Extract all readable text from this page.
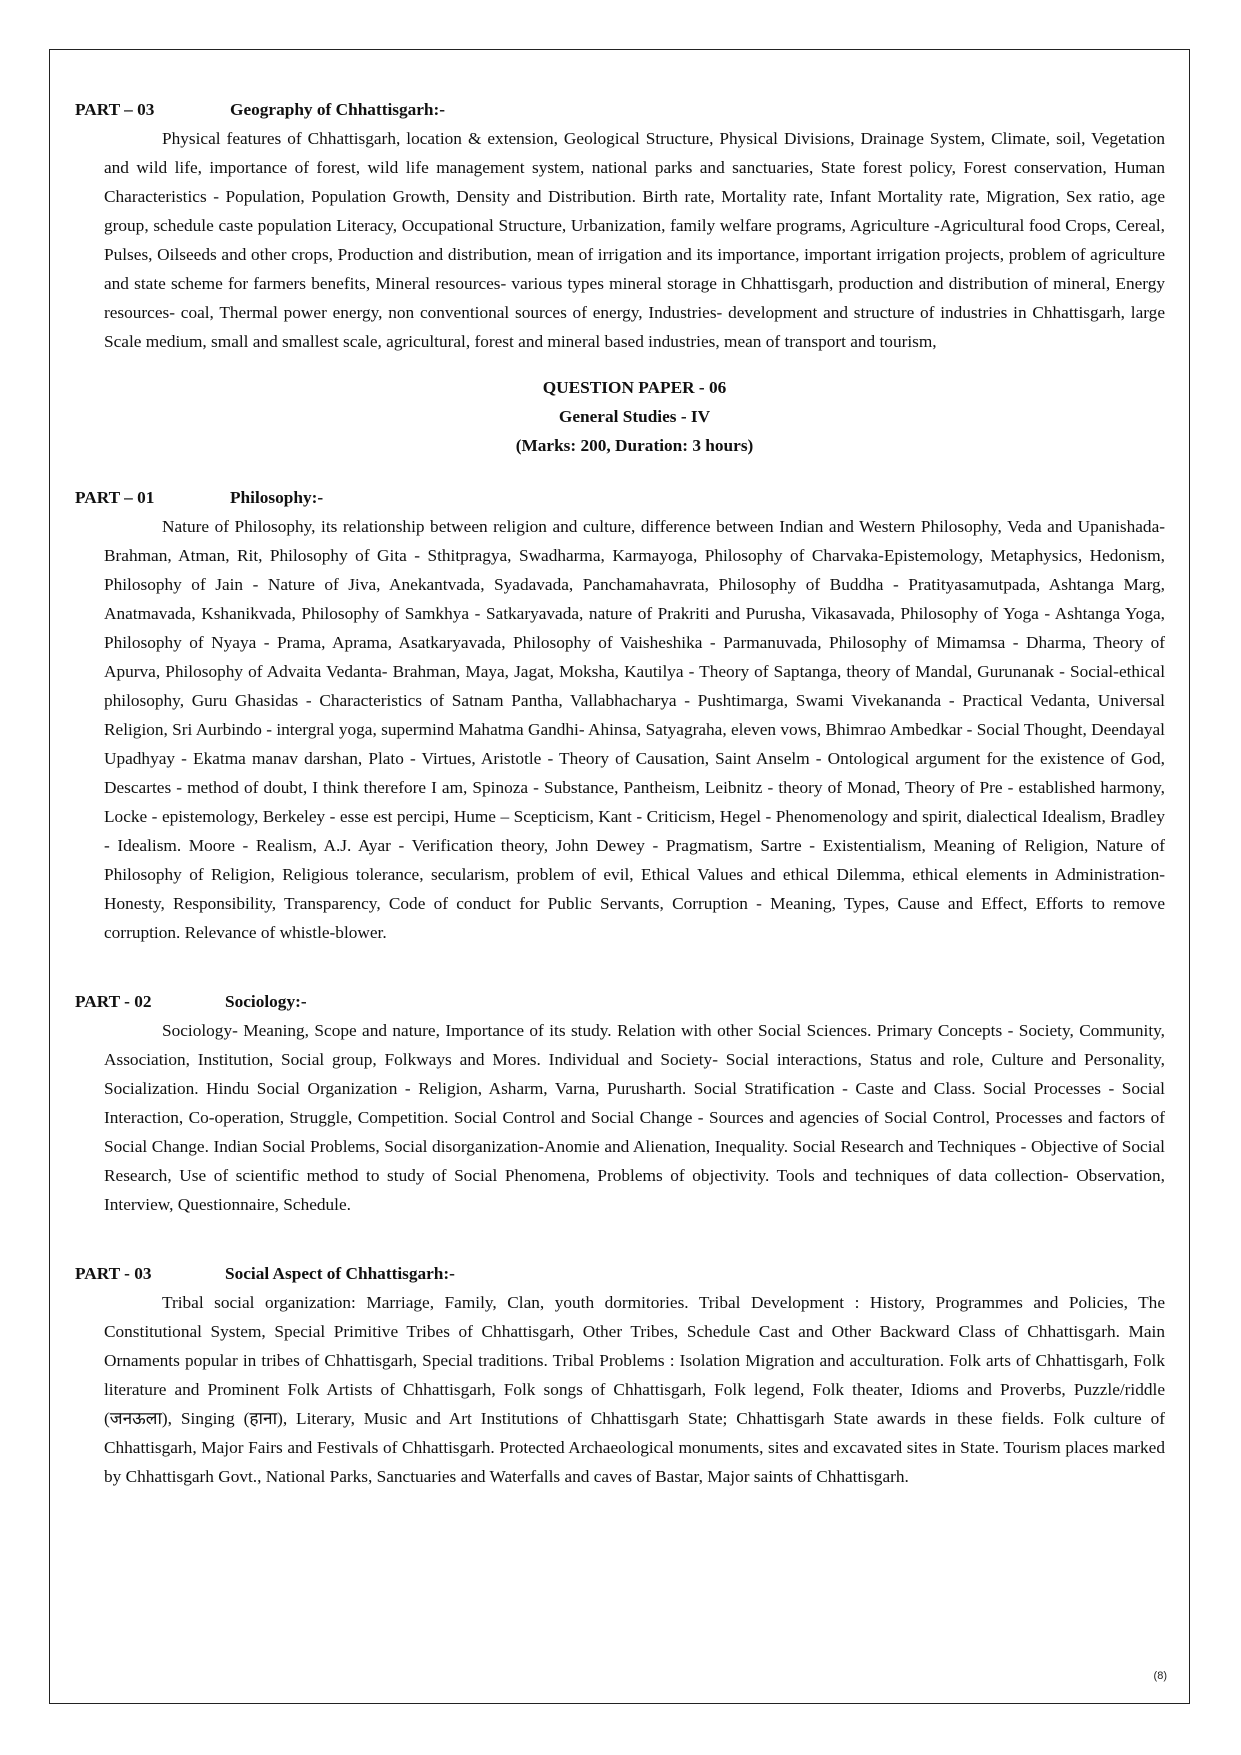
PART – 03	Geography of Chhattisgarh:-

Physical features of Chhattisgarh, location & extension, Geological Structure, Physical Divisions, Drainage System, Climate, soil, Vegetation and wild life, importance of forest, wild life management system, national parks and sanctuaries, State forest policy, Forest conservation, Human Characteristics - Population, Population Growth, Density and Distribution. Birth rate, Mortality rate, Infant Mortality rate, Migration, Sex ratio, age group, schedule caste population Literacy, Occupational Structure, Urbanization, family welfare programs, Agriculture -Agricultural food Crops, Cereal, Pulses, Oilseeds and other crops, Production and distribution, mean of irrigation and its importance, important irrigation projects, problem of agriculture and state scheme for farmers benefits, Mineral resources- various types mineral storage in Chhattisgarh, production and distribution of mineral, Energy resources- coal, Thermal power energy, non conventional sources of energy, Industries- development and structure of industries in Chhattisgarh, large Scale medium, small and smallest scale, agricultural, forest and mineral based industries, mean of transport and tourism,

QUESTION PAPER - 06
General Studies - IV
(Marks: 200, Duration: 3 hours)
PART – 01	Philosophy:-

Nature of Philosophy, its relationship between religion and culture, difference between Indian and Western Philosophy, Veda and Upanishada-Brahman, Atman, Rit, Philosophy of Gita - Sthitpragya, Swadharma, Karmayoga, Philosophy of Charvaka-Epistemology, Metaphysics, Hedonism, Philosophy of Jain - Nature of Jiva, Anekantvada, Syadavada, Panchamahavrata, Philosophy of Buddha - Pratityasamutpada, Ashtanga Marg, Anatmavada, Kshanikvada, Philosophy of Samkhya - Satkaryavada, nature of Prakriti and Purusha, Vikasavada, Philosophy of Yoga - Ashtanga Yoga, Philosophy of Nyaya - Prama, Aprama, Asatkaryavada, Philosophy of Vaisheshika - Parmanuvada, Philosophy of Mimamsa - Dharma, Theory of Apurva, Philosophy of Advaita Vedanta- Brahman, Maya, Jagat, Moksha, Kautilya - Theory of Saptanga, theory of Mandal, Gurunanak - Social-ethical philosophy, Guru Ghasidas - Characteristics of Satnam Pantha, Vallabhacharya - Pushtimarga, Swami Vivekananda - Practical Vedanta, Universal Religion, Sri Aurbindo - intergral yoga, supermind Mahatma Gandhi- Ahinsa, Satyagraha, eleven vows, Bhimrao Ambedkar - Social Thought, Deendayal Upadhyay - Ekatma manav darshan, Plato - Virtues, Aristotle - Theory of Causation, Saint Anselm - Ontological argument for the existence of God, Descartes - method of doubt, I think therefore I am, Spinoza - Substance, Pantheism, Leibnitz - theory of Monad, Theory of Pre - established harmony, Locke - epistemology, Berkeley - esse est percipi, Hume – Scepticism, Kant - Criticism, Hegel - Phenomenology and spirit, dialectical Idealism, Bradley - Idealism. Moore - Realism, A.J. Ayar - Verification theory, John Dewey - Pragmatism, Sartre - Existentialism, Meaning of Religion, Nature of Philosophy of Religion, Religious tolerance, secularism, problem of evil, Ethical Values and ethical Dilemma, ethical elements in Administration- Honesty, Responsibility, Transparency, Code of conduct for Public Servants, Corruption - Meaning, Types, Cause and Effect, Efforts to remove corruption. Relevance of whistle-blower.

PART - 02	Sociology:-

Sociology- Meaning, Scope and nature, Importance of its study. Relation with other Social Sciences. Primary Concepts - Society, Community, Association, Institution, Social group, Folkways and Mores. Individual and Society- Social interactions, Status and role, Culture and Personality, Socialization. Hindu Social Organization - Religion, Asharm, Varna, Purusharth. Social Stratification - Caste and Class. Social Processes - Social Interaction, Co-operation, Struggle, Competition. Social Control and Social Change - Sources and agencies of Social Control, Processes and factors of Social Change. Indian Social Problems, Social disorganization-Anomie and Alienation, Inequality. Social Research and Techniques - Objective of Social Research, Use of scientific method to study of Social Phenomena, Problems of objectivity. Tools and techniques of data collection- Observation, Interview, Questionnaire, Schedule.

PART - 03	Social Aspect of Chhattisgarh:-

Tribal social organization: Marriage, Family, Clan, youth dormitories. Tribal Development : History, Programmes and Policies, The Constitutional System, Special Primitive Tribes of Chhattisgarh, Other Tribes, Schedule Cast and Other Backward Class of Chhattisgarh. Main Ornaments popular in tribes of Chhattisgarh, Special traditions. Tribal Problems : Isolation Migration and acculturation. Folk arts of Chhattisgarh, Folk literature and Prominent Folk Artists of Chhattisgarh, Folk songs of Chhattisgarh, Folk legend, Folk theater, Idioms and Proverbs, Puzzle/riddle (जनऊला), Singing (हाना), Literary, Music and Art Institutions of Chhattisgarh State; Chhattisgarh State awards in these fields. Folk culture of Chhattisgarh, Major Fairs and Festivals of Chhattisgarh. Protected Archaeological monuments, sites and excavated sites in State. Tourism places marked by Chhattisgarh Govt., National Parks, Sanctuaries and Waterfalls and caves of Bastar, Major saints of Chhattisgarh.

(8)
